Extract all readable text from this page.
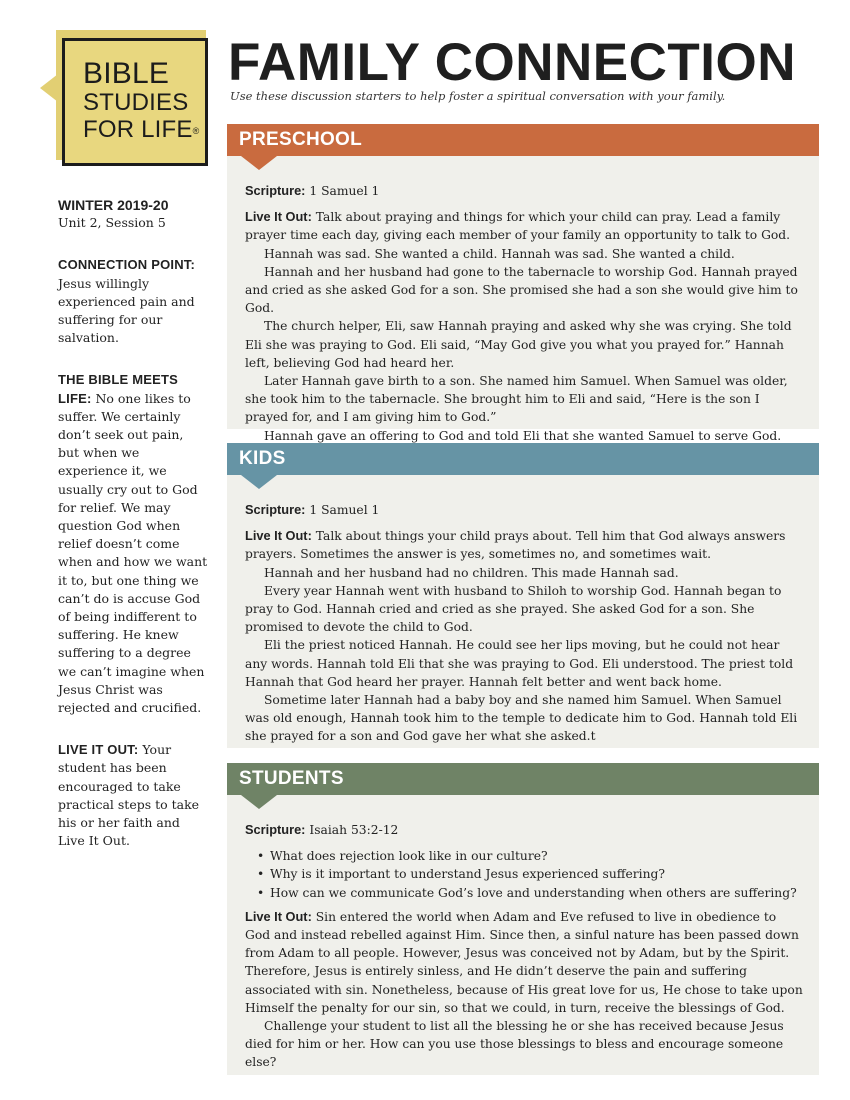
BIBLE
STUDIES
FOR LIFE®
FAMILY CONNECTION
Use these discussion starters to help foster a spiritual conversation with your family.
WINTER 2019-20
Unit 2, Session 5
CONNECTION POINT: Jesus willingly experienced pain and suffering for our salvation.
THE BIBLE MEETS LIFE: No one likes to suffer. We certainly don’t seek out pain, but when we experience it, we usually cry out to God for relief. We may question God when relief doesn’t come when and how we want it to, but one thing we can’t do is accuse God of being indifferent to suffering. He knew suffering to a degree we can’t imagine when Jesus Christ was rejected and crucified.
LIVE IT OUT: Your student has been encouraged to take practical steps to take his or her faith and Live It Out.
PRESCHOOL
Scripture: 1 Samuel 1
Live It Out: Talk about praying and things for which your child can pray. Lead a family prayer time each day, giving each member of your family an opportunity to talk to God.
Hannah was sad. She wanted a child. Hannah was sad. She wanted a child.
Hannah and her husband had gone to the tabernacle to worship God. Hannah prayed and cried as she asked God for a son. She promised she had a son she would give him to God.
The church helper, Eli, saw Hannah praying and asked why she was crying. She told Eli she was praying to God. Eli said, “May God give you what you prayed for.” Hannah left, believing God had heard her.
Later Hannah gave birth to a son. She named him Samuel. When Samuel was older, she took him to the tabernacle. She brought him to Eli and said, “Here is the son I prayed for, and I am giving him to God.”
Hannah gave an offering to God and told Eli that she wanted Samuel to serve God.
KIDS
Scripture: 1 Samuel 1
Live It Out: Talk about things your child prays about. Tell him that God always answers prayers. Sometimes the answer is yes, sometimes no, and sometimes wait.
Hannah and her husband had no children. This made Hannah sad.
Every year Hannah went with husband to Shiloh to worship God. Hannah began to pray to God. Hannah cried and cried as she prayed. She asked God for a son. She promised to devote the child to God.
Eli the priest noticed Hannah. He could see her lips moving, but he could not hear any words. Hannah told Eli that she was praying to God. Eli understood. The priest told Hannah that God heard her prayer. Hannah felt better and went back home.
Sometime later Hannah had a baby boy and she named him Samuel. When Samuel was old enough, Hannah took him to the temple to dedicate him to God. Hannah told Eli she prayed for a son and God gave her what she asked.t
STUDENTS
Scripture: Isaiah 53:2-12
• What does rejection look like in our culture?
• Why is it important to understand Jesus experienced suffering?
• How can we communicate God’s love and understanding when others are suffering?
Live It Out: Sin entered the world when Adam and Eve refused to live in obedience to God and instead rebelled against Him. Since then, a sinful nature has been passed down from Adam to all people. However, Jesus was conceived not by Adam, but by the Spirit. Therefore, Jesus is entirely sinless, and He didn’t deserve the pain and suffering associated with sin. Nonetheless, because of His great love for us, He chose to take upon Himself the penalty for our sin, so that we could, in turn, receive the blessings of God.
Challenge your student to list all the blessing he or she has received because Jesus died for him or her. How can you use those blessings to bless and encourage someone else?
